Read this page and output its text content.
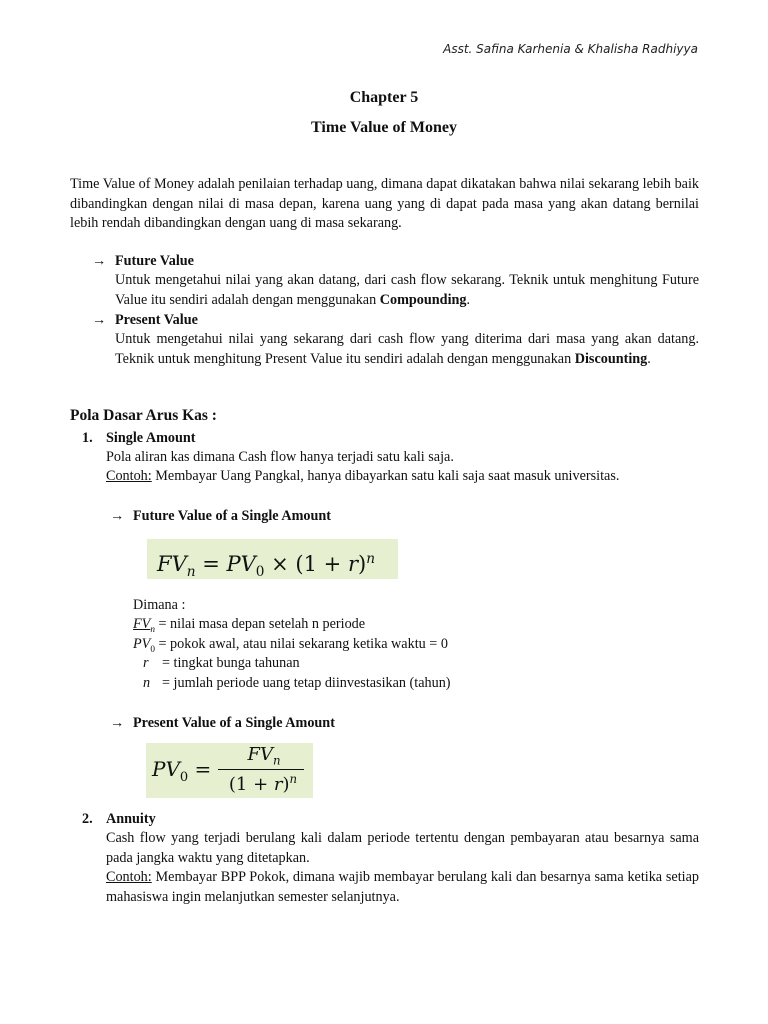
Asst. Safina Karhenia & Khalisha Radhiyya
Chapter 5
Time Value of Money
Time Value of Money adalah penilaian terhadap uang, dimana dapat dikatakan bahwa nilai sekarang lebih baik dibandingkan dengan nilai di masa depan, karena uang yang di dapat pada masa yang akan datang bernilai lebih rendah dibandingkan dengan uang di masa sekarang.
→ Future Value
Untuk mengetahui nilai yang akan datang, dari cash flow sekarang. Teknik untuk menghitung Future Value itu sendiri adalah dengan menggunakan Compounding.
→ Present Value
Untuk mengetahui nilai yang sekarang dari cash flow yang diterima dari masa yang akan datang. Teknik untuk menghitung Present Value itu sendiri adalah dengan menggunakan Discounting.
Pola Dasar Arus Kas :
1. Single Amount
Pola aliran kas dimana Cash flow hanya terjadi satu kali saja.
Contoh: Membayar Uang Pangkal, hanya dibayarkan satu kali saja saat masuk universitas.
→ Future Value of a Single Amount
$FV_n = PV_0 \times (1 + r)^n$
Dimana :
$FV_n$ = nilai masa depan setelah n periode
$PV_0$ = pokok awal, atau nilai sekarang ketika waktu = 0
r = tingkat bunga tahunan
n = jumlah periode uang tetap diinvestasikan (tahun)
→ Present Value of a Single Amount
$PV_0$ =
$FV_n$
$(1 + r)^n$
2. Annuity
Cash flow yang terjadi berulang kali dalam periode tertentu dengan pembayaran atau besarnya sama pada jangka waktu yang ditetapkan.
Contoh: Membayar BPP Pokok, dimana wajib membayar berulang kali dan besarnya sama ketika setiap mahasiswa ingin melanjutkan semester selanjutnya.
